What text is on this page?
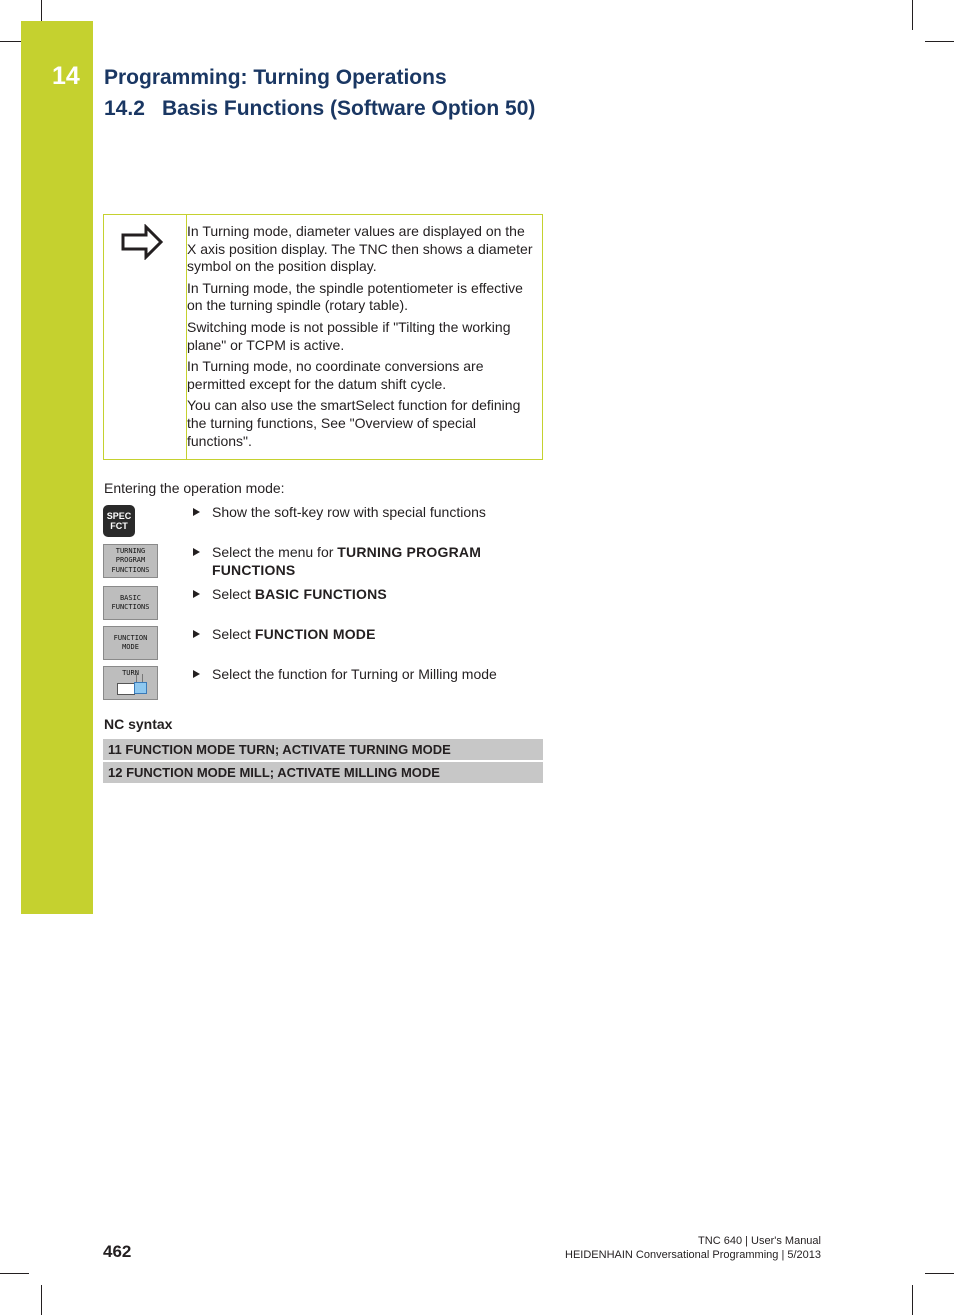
14 Programming: Turning Operations
14.2 Basis Functions (Software Option 50)

In Turning mode, diameter values are displayed on the X axis position display. The TNC then shows a diameter symbol on the position display.

In Turning mode, the spindle potentiometer is effective on the turning spindle (rotary table).

Switching mode is not possible if "Tilting the working plane" or TCPM is active.

In Turning mode, no coordinate conversions are permitted except for the datum shift cycle.

You can also use the smartSelect function for defining the turning functions, See "Overview of special functions".

Entering the operation mode:
SPEC
FCT
Show the soft-key row with special functions
TURNING
PROGRAM
FUNCTIONS
Select the menu for TURNING PROGRAM FUNCTIONS
BASIC
FUNCTIONS
Select BASIC FUNCTIONS
FUNCTION
MODE
Select FUNCTION MODE
TURN	Select the function for Turning or Milling mode
NC syntax
11 FUNCTION MODE TURN; ACTIVATE TURNING MODE
12 FUNCTION MODE MILL; ACTIVATE MILLING MODE
462
TNC 640 | User's Manual
HEIDENHAIN Conversational Programming | 5/2013
